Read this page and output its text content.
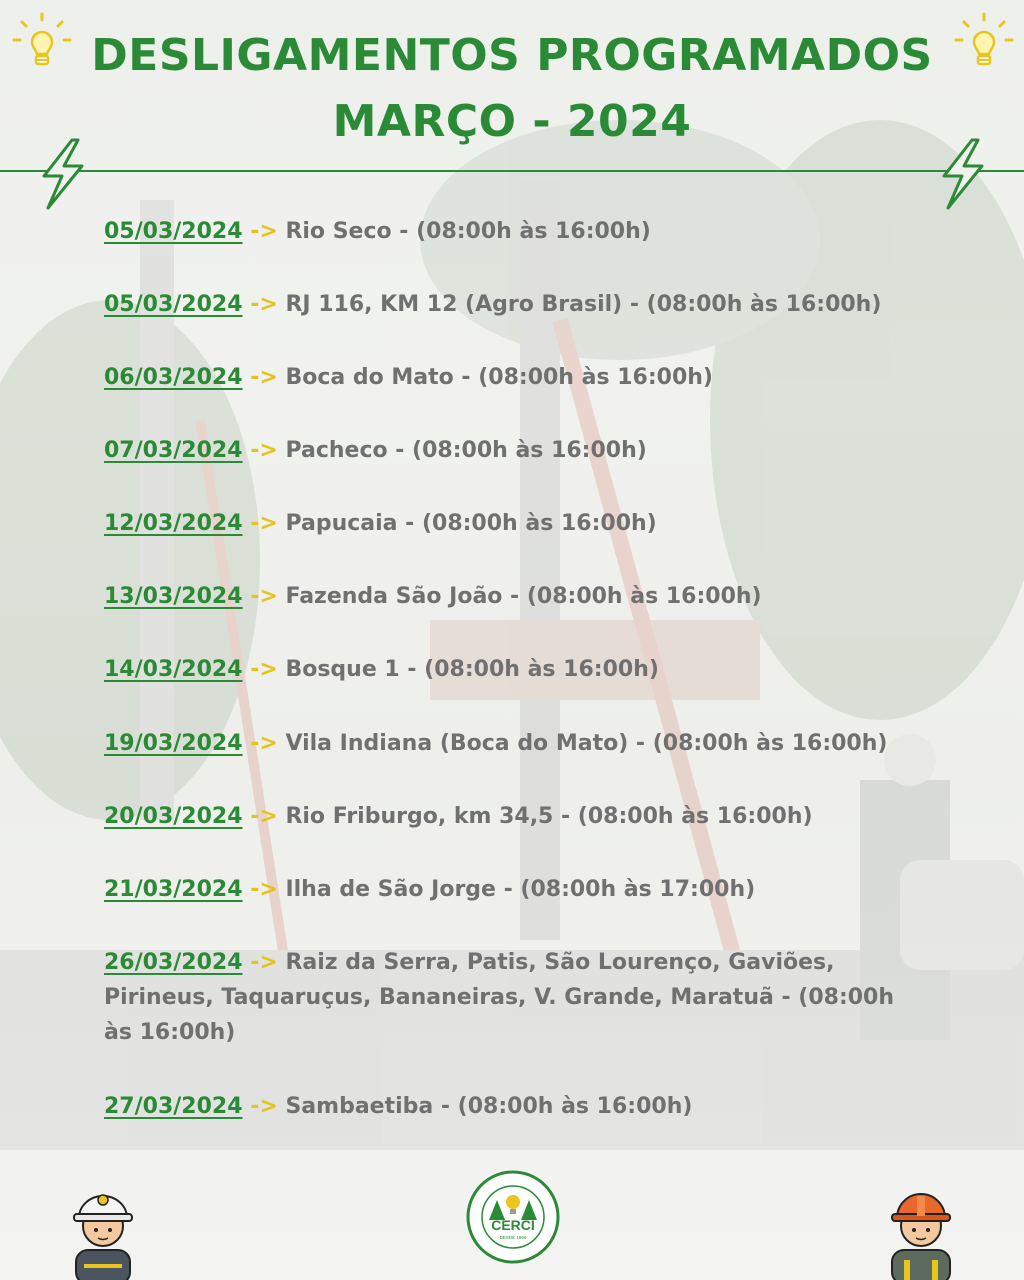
DESLIGAMENTOS PROGRAMADOS
MARÇO - 2024
05/03/2024 -> Rio Seco - (08:00h às 16:00h)
05/03/2024 -> RJ 116, KM 12 (Agro Brasil) - (08:00h às 16:00h)
06/03/2024 -> Boca do Mato - (08:00h às 16:00h)
07/03/2024 -> Pacheco - (08:00h às 16:00h)
12/03/2024 -> Papucaia - (08:00h às 16:00h)
13/03/2024 -> Fazenda São João - (08:00h às 16:00h)
14/03/2024 -> Bosque 1 - (08:00h às 16:00h)
19/03/2024 -> Vila Indiana (Boca do Mato) - (08:00h às 16:00h)
20/03/2024 -> Rio Friburgo, km 34,5 - (08:00h às 16:00h)
21/03/2024 -> Ilha de São Jorge - (08:00h às 17:00h)
26/03/2024 -> Raiz da Serra, Patis, São Lourenço, Gaviões, Pirineus, Taquaruçus, Bananeiras, V. Grande, Maratuã - (08:00h às 16:00h)
27/03/2024 -> Sambaetiba - (08:00h às 16:00h)
CERCI
DESDE 1969
